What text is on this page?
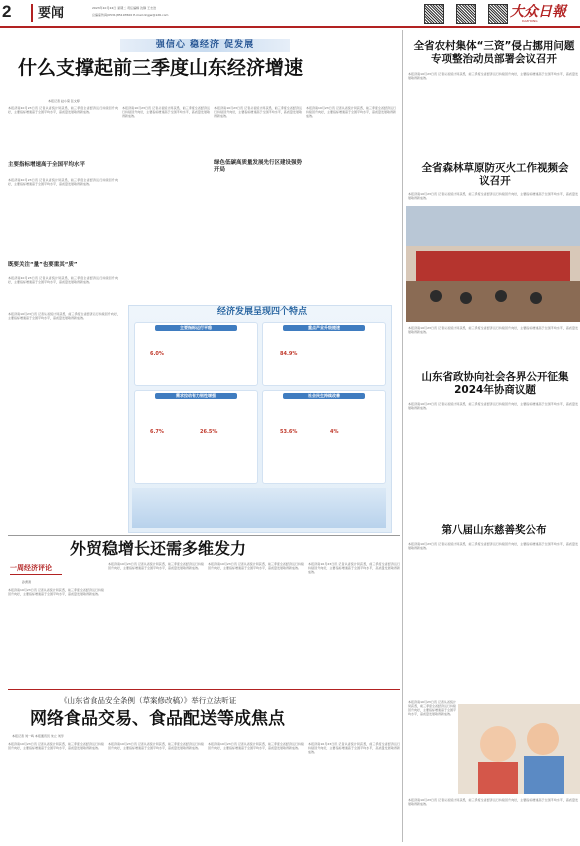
2 要闻	2023年10月24日 星期二 责任编辑 沈静 王志浩
总编室传真(0531)85193500 E-mail:dcgjw@126.com	大众日報
DAZHONG
强信心 稳经济 促发展
什么支撑起前三季度山东经济增速
本报记者 赵小菊 张文婷
本报济南10月23日讯 记者从省统计局获悉，前三季度全省经济运行持续回升向好，主要指标增速高于全国平均水平，高质量发展取得新成效。
主要指标增速高于全国平均水平
本报济南10月23日讯 记者从省统计局获悉，前三季度全省经济运行持续回升向好，主要指标增速高于全国平均水平，高质量发展取得新成效。
既要关注“量”也要重其“质”
本报济南10月23日讯 记者从省统计局获悉，前三季度全省经济运行持续回升向好，主要指标增速高于全国平均水平，高质量发展取得新成效。
本报济南10月23日讯 记者从省统计局获悉，前三季度全省经济运行持续回升向好，主要指标增速高于全国平均水平，高质量发展取得新成效。
本报济南10月23日讯 记者从省统计局获悉，前三季度全省经济运行持续回升向好，主要指标增速高于全国平均水平，高质量发展取得新成效。
绿色低碳高质量发展先行区建设强势开局
本报济南10月23日讯 记者从省统计局获悉，前三季度全省经济运行持续回升向好，主要指标增速高于全国平均水平，高质量发展取得新成效。
经济发展呈现四个特点
主要指标运行平稳	重点产业升级提速
需求拉动有力韧性增强	社会民生持续改善
6.0%	84.9%
6.7%	26.5%	53.6%	4%
本报济南10月23日讯 记者从省统计局获悉，前三季度全省经济运行持续回升向好，主要指标增速高于全国平均水平，高质量发展取得新成效。
外贸稳增长还需多维发力
一周经济评论
孙源清
本报济南10月23日讯 记者从省统计局获悉，前三季度全省经济运行持续回升向好，主要指标增速高于全国平均水平，高质量发展取得新成效。
本报济南10月23日讯 记者从省统计局获悉，前三季度全省经济运行持续回升向好，主要指标增速高于全国平均水平，高质量发展取得新成效。
本报济南10月23日讯 记者从省统计局获悉，前三季度全省经济运行持续回升向好，主要指标增速高于全国平均水平，高质量发展取得新成效。
本报济南10月23日讯 记者从省统计局获悉，前三季度全省经济运行持续回升向好，主要指标增速高于全国平均水平，高质量发展取得新成效。
《山东省食品安全条例（草案修改稿）》举行立法听证
网络食品交易、食品配送等成焦点
本报记者 刘一鸣 本报通讯员 朱立 刘学
本报济南10月23日讯 记者从省统计局获悉，前三季度全省经济运行持续回升向好，主要指标增速高于全国平均水平，高质量发展取得新成效。
本报济南10月23日讯 记者从省统计局获悉，前三季度全省经济运行持续回升向好，主要指标增速高于全国平均水平，高质量发展取得新成效。
本报济南10月23日讯 记者从省统计局获悉，前三季度全省经济运行持续回升向好，主要指标增速高于全国平均水平，高质量发展取得新成效。
本报济南10月23日讯 记者从省统计局获悉，前三季度全省经济运行持续回升向好，主要指标增速高于全国平均水平，高质量发展取得新成效。
全省农村集体“三资”侵占挪用问题专项整治动员部署会议召开
本报济南10月23日讯 记者从省统计局获悉，前三季度全省经济运行持续回升向好，主要指标增速高于全国平均水平，高质量发展取得新成效。
全省森林草原防灭火工作视频会议召开
本报济南10月23日讯 记者从省统计局获悉，前三季度全省经济运行持续回升向好，主要指标增速高于全国平均水平，高质量发展取得新成效。
本报济南10月23日讯 记者从省统计局获悉，前三季度全省经济运行持续回升向好，主要指标增速高于全国平均水平，高质量发展取得新成效。
山东省政协向社会各界公开征集2024年协商议题
本报济南10月23日讯 记者从省统计局获悉，前三季度全省经济运行持续回升向好，主要指标增速高于全国平均水平，高质量发展取得新成效。
第八届山东慈善奖公布
本报济南10月23日讯 记者从省统计局获悉，前三季度全省经济运行持续回升向好，主要指标增速高于全国平均水平，高质量发展取得新成效。
本报济南10月23日讯 记者从省统计局获悉，前三季度全省经济运行持续回升向好，主要指标增速高于全国平均水平，高质量发展取得新成效。
本报济南10月23日讯 记者从省统计局获悉，前三季度全省经济运行持续回升向好，主要指标增速高于全国平均水平，高质量发展取得新成效。
